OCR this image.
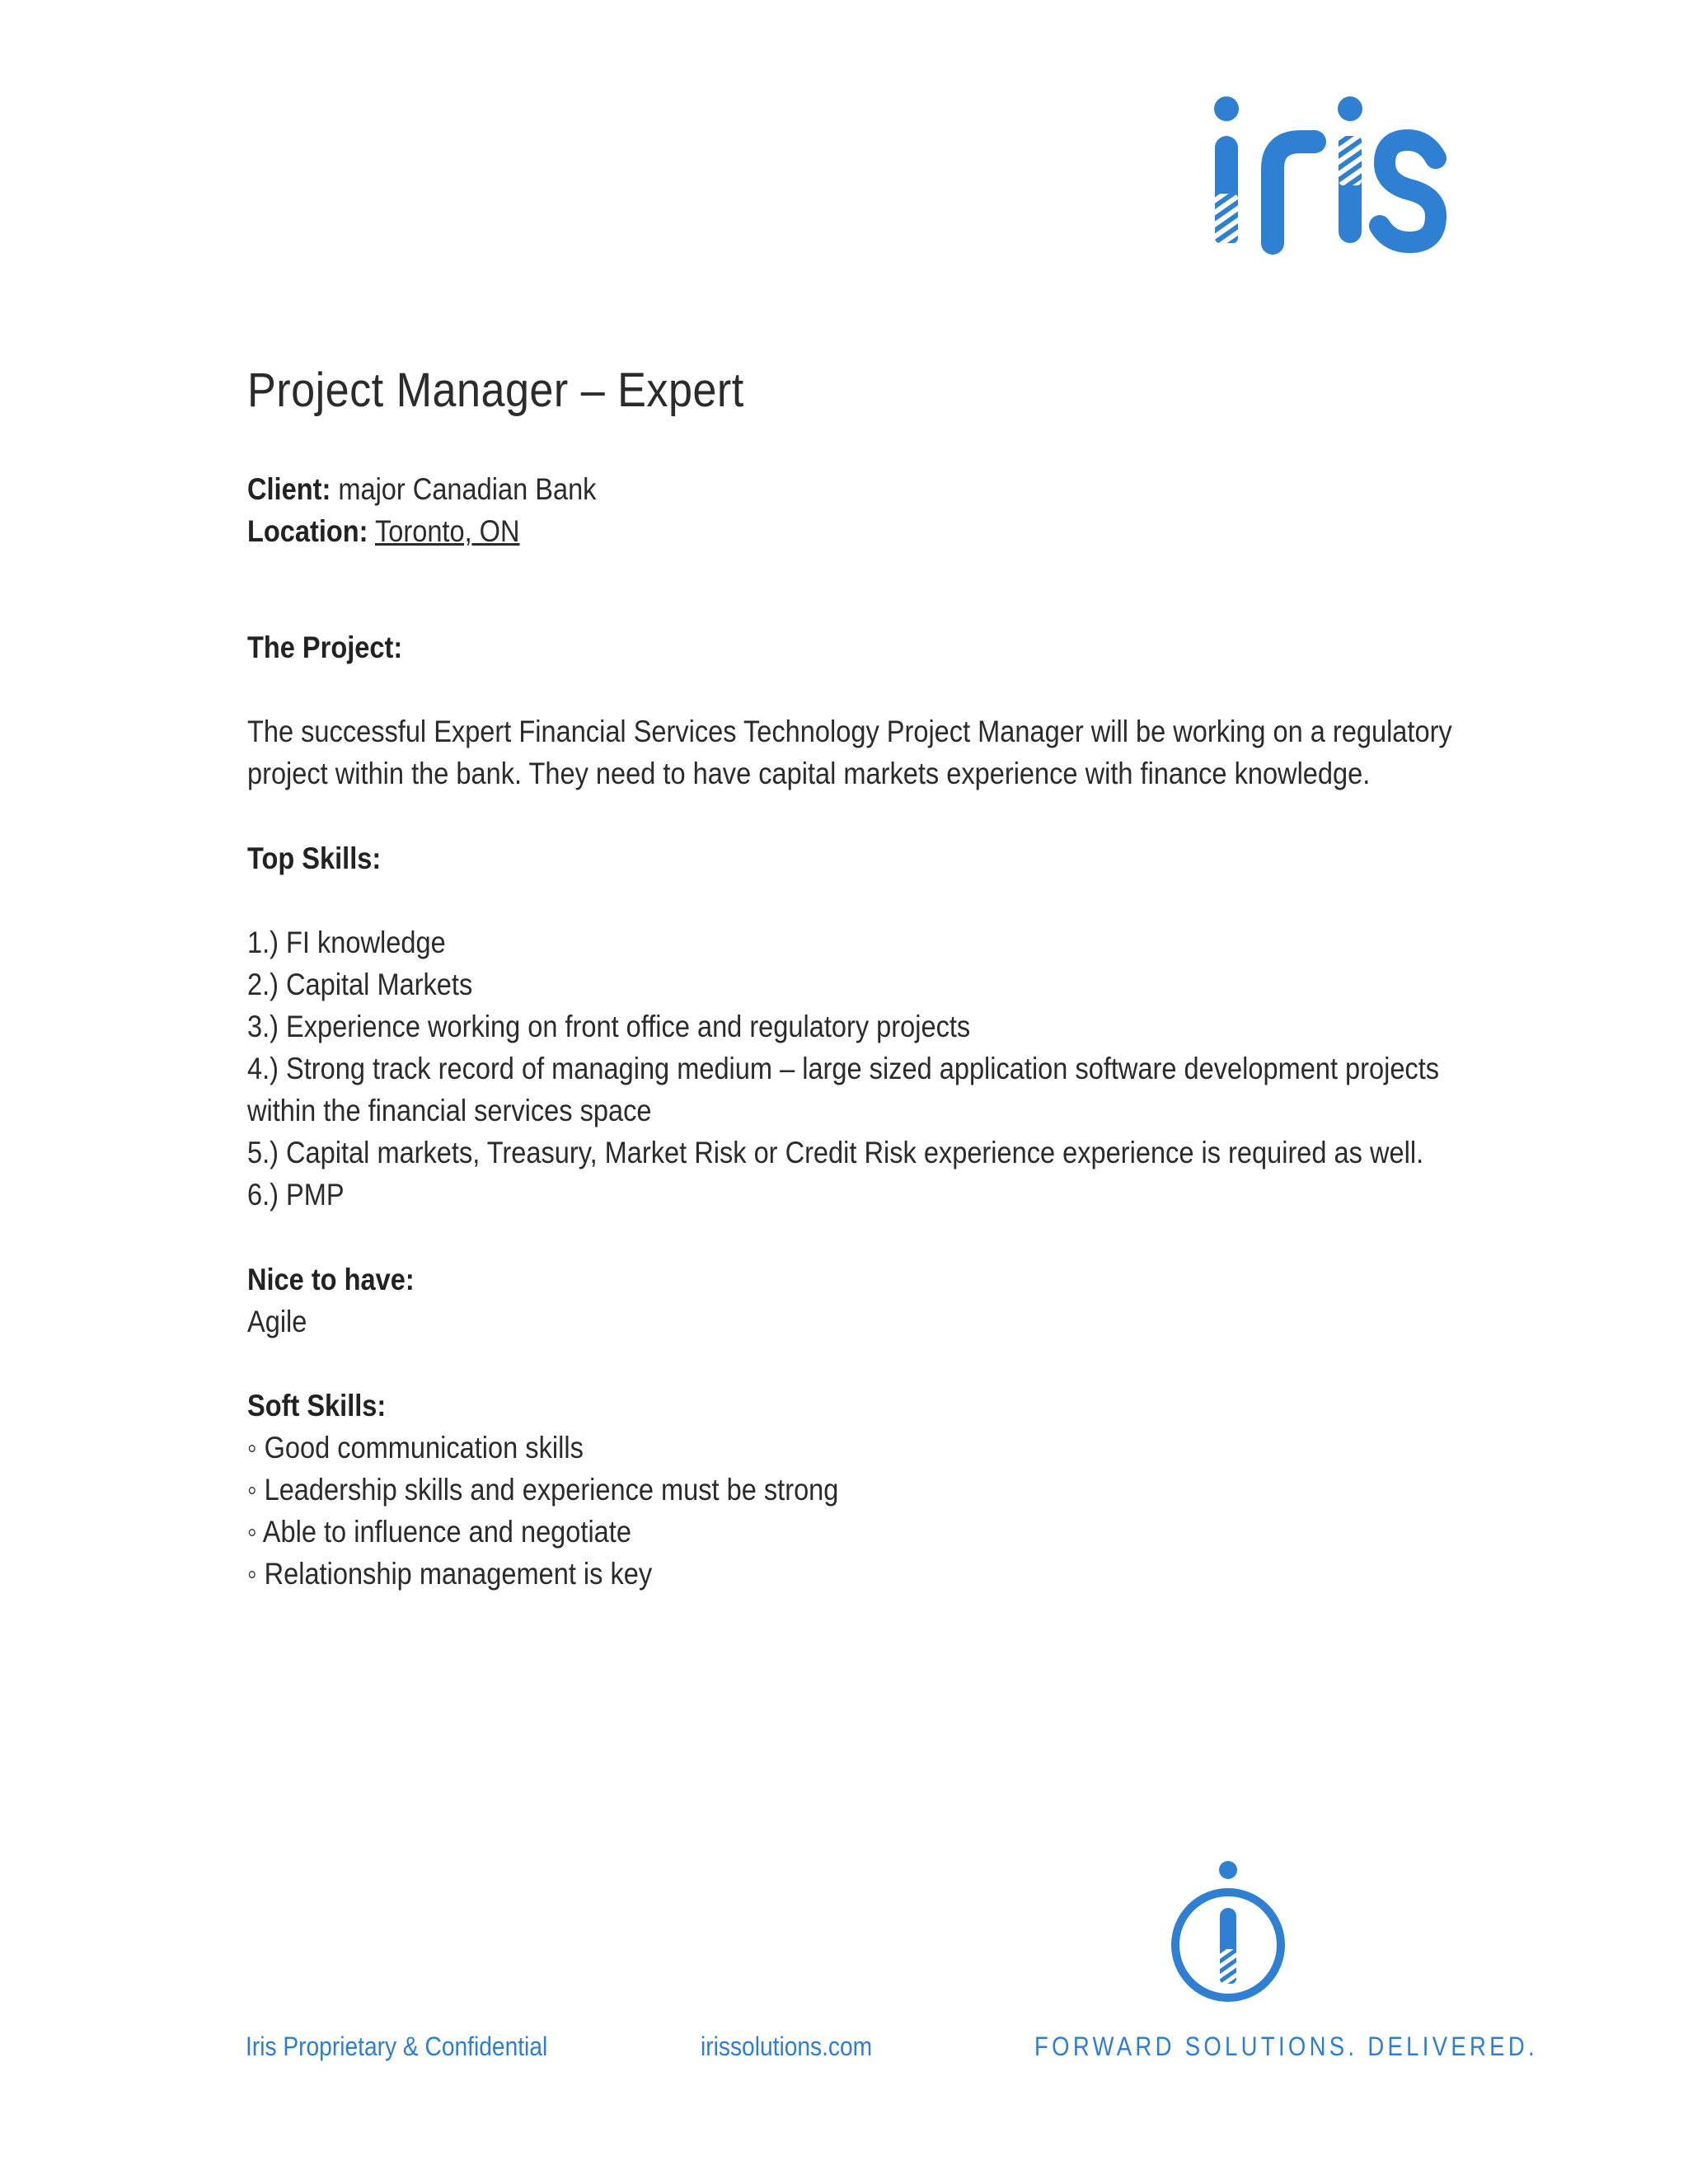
Project Manager – Expert
Client: major Canadian Bank
Location: Toronto, ON
The Project:
The successful Expert Financial Services Technology Project Manager will be working on a regulatory
project within the bank. They need to have capital markets experience with finance knowledge.
Top Skills:
1.) FI knowledge
2.) Capital Markets
3.) Experience working on front office and regulatory projects
4.) Strong track record of managing medium – large sized application software development projects
within the financial services space
5.) Capital markets, Treasury, Market Risk or Credit Risk experience experience is required as well.
6.) PMP
Nice to have:
Agile
Soft Skills:
◦ Good communication skills
◦ Leadership skills and experience must be strong
◦ Able to influence and negotiate
◦ Relationship management is key
Iris Proprietary & Confidential	irissolutions.com	FORWARD SOLUTIONS. DELIVERED.
